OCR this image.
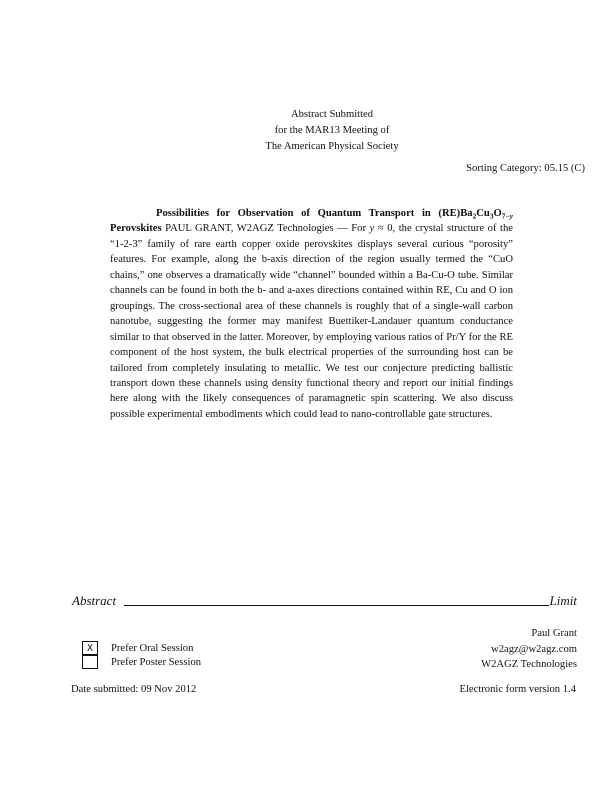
Abstract Submitted
for the MAR13 Meeting of
The American Physical Society
Sorting Category: 05.15 (C)
Possibilities for Observation of Quantum Transport in $(RE)Ba_2Cu_3O_{7-y}$ Perovskites PAUL GRANT, W2AGZ Technologies — For y ≈ 0, the crystal structure of the “1-2-3” family of rare earth copper oxide perovskites displays several curious “porosity” features. For example, along the b-axis direction of the region usually termed the “CuO chains,” one observes a dramatically wide “channel” bounded within a Ba-Cu-O tube. Similar channels can be found in both the b- and a-axes directions contained within RE, Cu and O ion groupings. The cross-sectional area of these channels is roughly that of a single-wall carbon nanotube, suggesting the former may manifest Buettiker-Landauer quantum conductance similar to that observed in the latter. Moreover, by employing various ratios of Pr/Y for the RE component of the host system, the bulk electrical properties of the surrounding host can be tailored from completely insulating to metallic. We test our conjecture predicting ballistic transport down these channels using density functional theory and report our initial findings here along with the likely consequences of paramagnetic spin scattering. We also discuss possible experimental embodiments which could lead to nano-controllable gate structures.
Abstract	Limit
X Prefer Oral Session
Prefer Poster Session
Paul Grant
w2agz@w2agz.com
W2AGZ Technologies
Date submitted: 09 Nov 2012	Electronic form version 1.4
